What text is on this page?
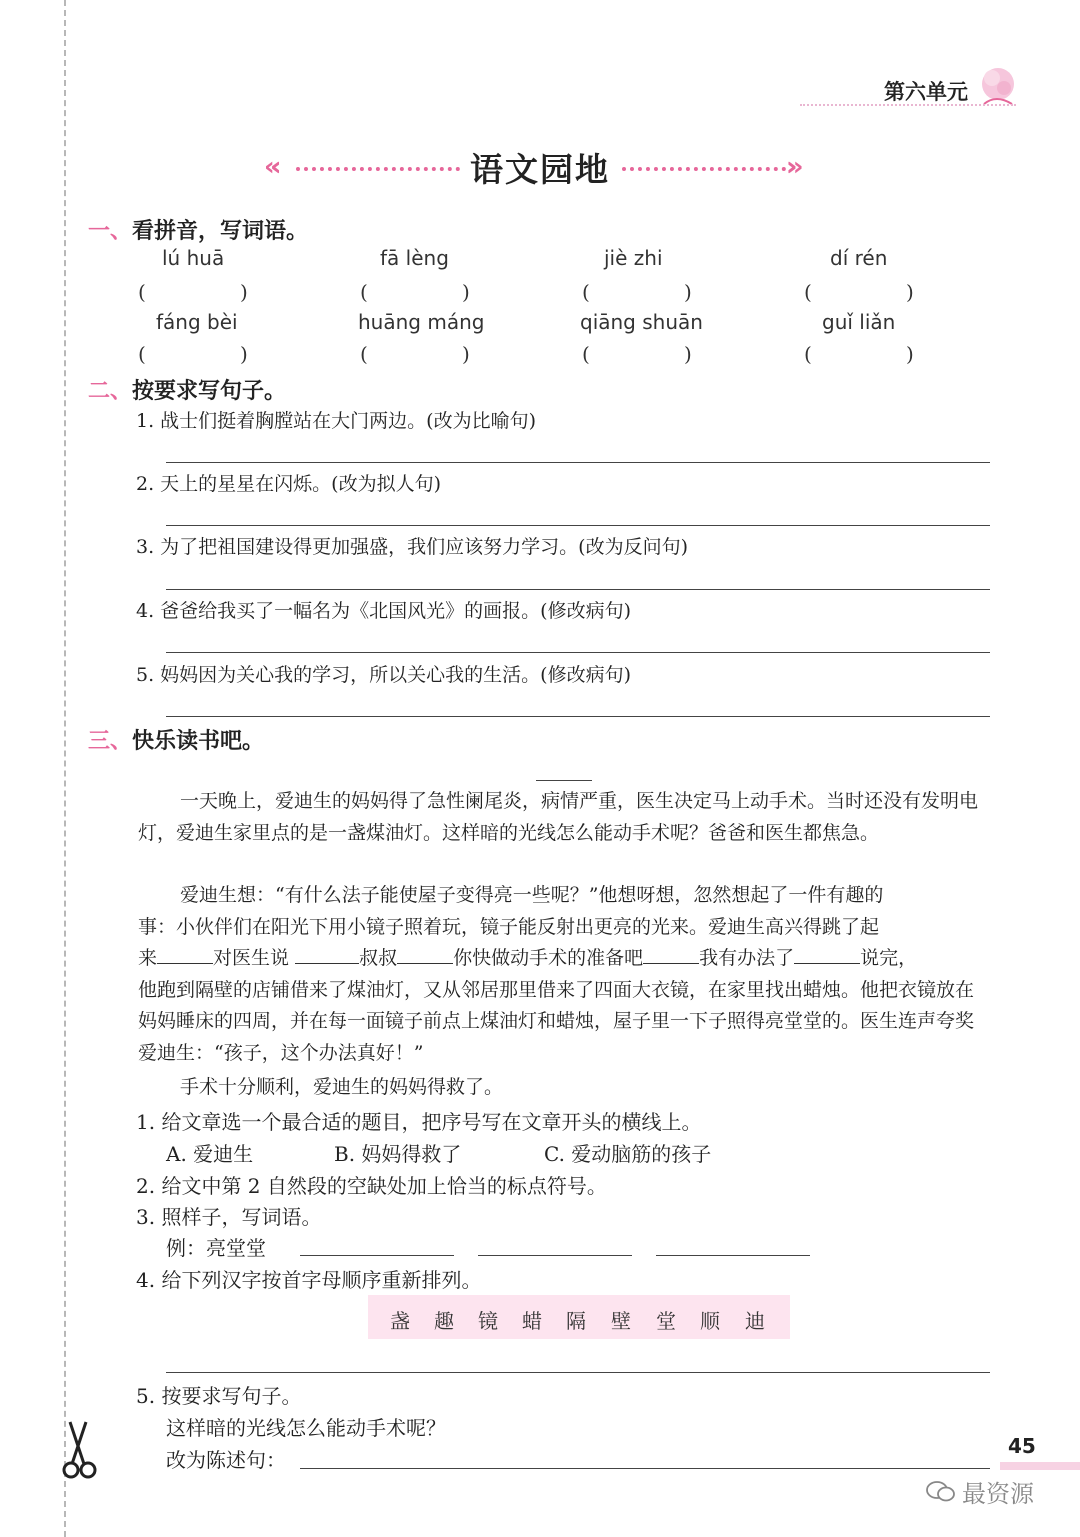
第六单元
«‹	语文园地	›»
一、看拼音，写词语。
lú huā	fā lèng	jiè zhi	dí rén
(	)	(	)	(	)	(	)
fáng bèi	huāng máng	qiāng shuān	guǐ liǎn
(	)	(	)	(	)	(	)
二、按要求写句子。
1. 战士们挺着胸膛站在大门两边。(改为比喻句)
2. 天上的星星在闪烁。(改为拟人句)
3. 为了把祖国建设得更加强盛，我们应该努力学习。(改为反问句)
4. 爸爸给我买了一幅名为《北国风光》的画报。(修改病句)
5. 妈妈因为关心我的学习，所以关心我的生活。(修改病句)
三、快乐读书吧。
一天晚上，爱迪生的妈妈得了急性阑尾炎，病情严重，医生决定马上动手术。当时还没有发明电灯，爱迪生家里点的是一盏煤油灯。这样暗的光线怎么能动手术呢？爸爸和医生都焦急。
爱迪生想：“有什么法子能使屋子变得亮一些呢？”他想呀想，忽然想起了一件有趣的
事：小伙伴们在阳光下用小镜子照着玩，镜子能反射出更亮的光来。爱迪生高兴得跳了起
来	对医生说	叔叔	你快做动手术的准备吧	我有办法了	说完，
他跑到隔壁的店铺借来了煤油灯，又从邻居那里借来了四面大衣镜，在家里找出蜡烛。他把衣镜放在妈妈睡床的四周，并在每一面镜子前点上煤油灯和蜡烛，屋子里一下子照得亮堂堂的。医生连声夸奖爱迪生：“孩子，这个办法真好！”
手术十分顺利，爱迪生的妈妈得救了。
1. 给文章选一个最合适的题目，把序号写在文章开头的横线上。
A. 爱迪生	B. 妈妈得救了	C. 爱动脑筋的孩子
2. 给文中第 2 自然段的空缺处加上恰当的标点符号。
3. 照样子，写词语。
例：亮堂堂
4. 给下列汉字按首字母顺序重新排列。
盏 趣 镜 蜡 隔 壁 堂 顺 迪
5. 按要求写句子。
这样暗的光线怎么能动手术呢？
改为陈述句：
45
最资源
